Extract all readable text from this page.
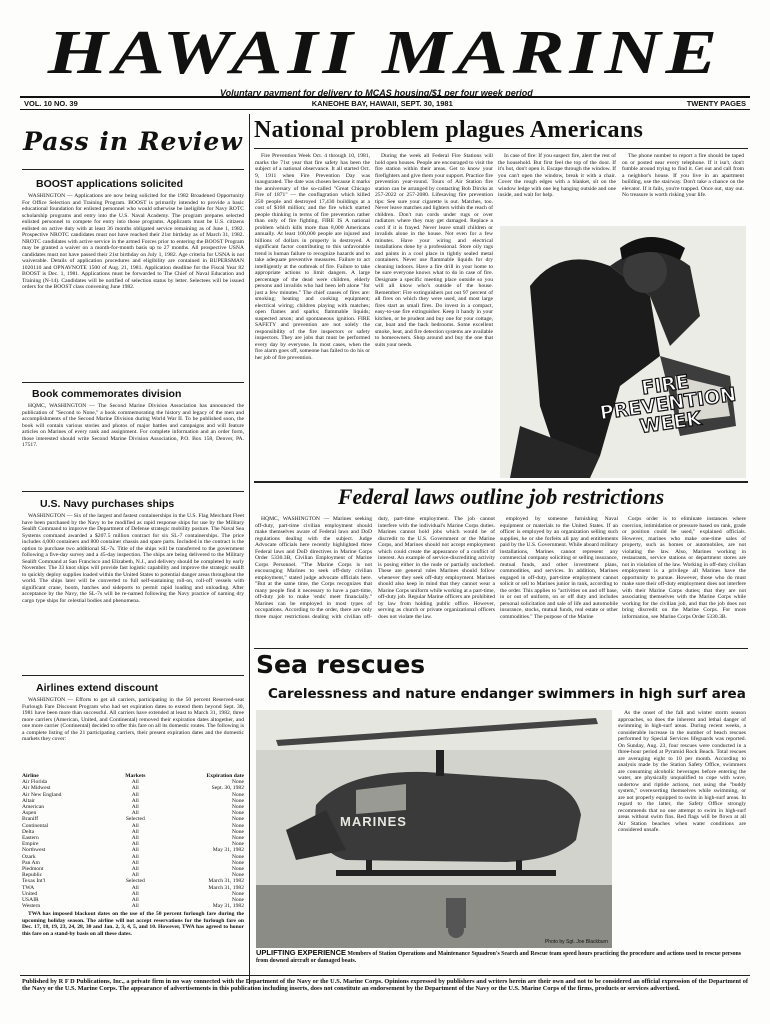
HAWAII MARINE
Voluntary payment for delivery to MCAS housing/$1 per four week period
VOL. 10 NO. 39	KANEOHE BAY, HAWAII, SEPT. 30, 1981	TWENTY PAGES
Pass in Review
BOOST applications solicited

WASHINGTON — Applications are now being solicited for the 1982 Broadened Opportunity For Office Selection and Training Program. BOOST is primarily intended to provide a basic educational foundation for enlisted personnel who would otherwise be ineligible for Navy ROTC scholarship programs and entry into the U.S. Naval Academy. The program prepares selected enlisted personnel to compete for entry into those programs. Applicants must be U.S. citizens enlisted on active duty with at least 36 months obligated service remaining as of June 1, 1982. Prospective NROTC candidates must not have reached their 21st birthday as of March 31, 1982. NROTC candidates with active service in the armed Forces prior to entering the BOOST Program may be granted a waiver on a month-for-month basis up to 27 months. All prospective USNA candidates must not have passed their 21st birthday on July 1, 1982. Age criteria for USNA is not waiverable. Details of application procedures and eligibility are contained in BUPERSMAN 1020110 and OPNAVNOTE 1500 of Aug. 21, 1981. Application deadline for the Fiscal Year 82 BOOST is Dec. 1, 1981. Applications must be forwarded to The Chief of Naval Education and Training (N-14). Candidates will be notified of selection status by letter. Selectees will be issued orders for the BOOST class convening June 1982.

Book commemorates division

HQMC, WASHINGTON — The Second Marine Division Association has announced the publication of "Second to None," a book commemorating the history and legacy of the men and accomplishments of the Second Marine Division during World War II. To be published soon, the book will contain various stories and photos of major battles and campaigns and will feature articles on Marines of every rank and assignment. For complete information and an order form, those interested should write Second Marine Division Association, P.O. Box 158, Denver, PA. 17517.

U.S. Navy purchases ships

WASHINGTON — Six of the largest and fastest containerships in the U.S. Flag Merchant Fleet have been purchased by the Navy to be modified as rapid response ships for use by the Military Sealift Command to improve the Department of Defense strategic mobility posture. The Naval Sea Systems command awarded a $207.5 million contract for six SL-7 containerships. The price includes 4,000 containers and 800 container chassis and spare parts. Included in the contract is the option to purchase two additional SL-7s. Title of the ships will be transferred to the government following a five-day survey and a 45-day inspection. The ships are being delivered to the Military Sealift Command at San Francisco and Elizabeth, N.J., and delivery should be completed by early November. The 33 knot ships will provide fast logistic capability and improve the strategic sealift to quickly deploy supplies loaded within the United States to potential danger areas throughout the world. The ships later will be converted to full self-sustaining roll-on, roll-off vessels with significant crane, boom, hatches and sideports to permit rapid loading and unloading. After acceptance by the Navy, the SL-7s will be re-named following the Navy practice of naming dry cargo type ships for celestial bodies and phenomena.

Airlines extend discount

WASHINGTON — Efforts to get all carriers, participating in the 50 percent Reserved-seat Furlough Fare Discount Program who had set expiration dates to extend them beyond Sept. 30, 1981 have been more than successful. All carriers have extended at least to March 31, 1982, three more carriers (American, United, and Continental) removed their expiration dates altogether, and one more carrier (Continental) decided to offer this fare on all its domestic routes. The following is a complete listing of the 21 participating carriers, their present expiration dates and the domestic markets they cover:

Airline	Markets	Expiration date
Air Florida	All	None
Air Midwest	All	Sept. 30, 1982
Air New England	All	None
Altair	All	None
American	All	None
Aspen	All	None
Braniff	Selected	None
Continental	All	None
Delta	All	None
Eastern	All	None
Empire	All	None
Northwest	All	May 31, 1982
Ozark	All	None
Pan Am	All	None
Piedmont	All	None
Republic	All	None
Texas Int'l	Selected	March 31, 1982
TWA	All	March 31, 1982
United	All	None
USAIR	All	None
Western	All	May 31, 1982

TWA has imposed blackout dates on the use of the 50 percent furlough fare during the upcoming holiday season. The airline will not accept reservations for the furlough fare on Dec. 17, 18, 19, 23, 24, 28, 30 and Jan. 2, 3, 4, 5, and 10. However, TWA has agreed to honor this fare on a stand-by basis on all these dates.

National problem plagues Americans

Fire Prevention Week Oct. 4 through 10, 1981, marks the 71st year that fire safety has been the subject of a national observance. It all started Oct. 9, 1911 when Fire Prevention Day was inaugurated. The date was chosen because it marks the anniversary of the so-called "Great Chicago Fire of 1871" — the conflagration which killed 250 people and destroyed 17,430 buildings at a cost of $168 million; and the fire which started people thinking in terms of fire prevention rather than only of fire fighting. FIRE IS A national problem which kills more than 8,000 Americans annually. At least 100,000 people are injured and billions of dollars in property is destroyed. A significant factor contributing to this unfavorable trend is human failure to recognize hazards and to take adequate preventive measures. Failure to act intelligently at the outbreak of fire. Failure to take appropriate actions to limit dangers. A large percentage of the dead were children, elderly persons and invalids who had been left alone "for just a few minutes." The chief causes of fires are: smoking; heating and cooking equipment; electrical wiring; children playing with matches; open flames and sparks; flammable liquids; suspected arson; and spontaneous ignition. FIRE SAFETY and prevention are not solely the responsibility of the fire inspectors or safety inspectors. They are jobs that must be performed every day by everyone. In most cases, when the fire alarm goes off, someone has failed to do his or her job of fire prevention.

During the week all Federal Fire Stations will hold open houses. People are encouraged to visit the fire station within their areas. Get to know your firefighters and give them your support. Practice fire prevention year-round. Tours of Air Station fire station can be arranged by contacting Bob Dircks at 257-2022 or 257-2080. Lifesaving fire prevention tips: See sure your cigarette is out. Matches, too. Never leave matches and lighters within the reach of children. Don't run cords under rugs or over radiators where they may get damaged. Replace a cord if it is frayed. Never leave small children or invalids alone in the house. Not even for a few minutes. Have your wiring and electrical installations done by a professional. Store oily rags and paints in a cool place in tightly sealed metal containers. Never use flammable liquids for dry cleaning indoors. Have a fire drill in your home to be sure everyone knows what to do in case of fire. Designate a specific meeting place outside so you will all know who's outside of the house. Remember: Fire extinguishers put out 97 percent of all fires on which they were used, and most large fires start as small fires. Do invest in a compact, easy-to-use fire extinguisher. Keep it handy in your kitchen, or be prudent and buy one for your cottage, car, boat and the back bedrooms. Some excellent smoke, heat, and fire detection systems are available to homeowners. Shop around and buy the one that suits your needs.

In case of fire: If you suspect fire, alert the rest of the household. But first feel the top of the door. If it's hot, don't open it. Escape through the window. If you can't open the window, break it with a chair. Cover the rough edges with a blanket, sit on the window ledge with one leg hanging outside and one inside, and wait for help.

The phone number to report a fire should be taped on or posted near every telephone. If it isn't, don't fumble around trying to find it. Get out and call from a neighbor's house. If you live in an apartment building, use the stairway. Don't take a chance on the elevator. If it fails, you're trapped. Once out, stay out. No treasure is worth risking your life.

FIRE PREVENTION WEEK
Federal laws outline job restrictions

HQMC, WASHINGTON — Marines seeking off-duty, part-time civilian employment should make themselves aware of Federal laws and DoD regulations dealing with the subject. Judge Advocate officials here recently highlighted three Federal laws and DoD directives in Marine Corps Order 5330.3B, Civilian Employment of Marine Corps Personnel. "The Marine Corps is not encouraging Marines to seek off-duty civilian employment," stated judge advocate officials here. "But at the same time, the Corps recognizes that many people find it necessary to have a part-time, off-duty job to make 'ends' meet financially." Marines can be employed in most types of occupations. According to the order, there are only three major restrictions dealing with civilian off-duty, part-time employment. The job cannot interfere with the individual's Marine Corps duties. Marines cannot hold jobs which would be of discredit to the U.S. Government or the Marine Corps, and Marines should not accept employment which could create the appearance of a conflict of interest. An example of service-discrediting activity is posing either in the nude or partially unclothed. These are general rules Marines should follow whenever they seek off-duty employment. Marines should also keep in mind that they cannot wear a Marine Corps uniform while working at a part-time, off-duty job. Regular Marine officers are prohibited by law from holding public office. However, serving as church or private organizational officers does not violate the law.

employed by someone furnishing Naval equipment or materials to the United States. If an officer is employed by an organization selling such supplies, he or she forfeits all pay and entitlements paid by the U.S. Government. While aboard military installations, Marines cannot represent any commercial company soliciting or selling insurance, mutual funds, and other investment plans, commodities, and services. In addition, Marines engaged in off-duty, part-time employment cannot solicit or sell to Marines junior in rank, according to the order. This applies to "activities on and off base, in or out of uniform, on or off duty and includes personal solicitation and sale of life and automobile insurance, stocks, mutual funds, real estate or other commodities." The purpose of the Marine

Corps order is to eliminate instances where coercion, intimidation or pressure based on rank, grade or position could be used," explained officials. However, marines who make one-time sales of property, such as homes or automobiles, are not violating the law. Also, Marines working in restaurants, service stations or department stores are not in violation of the law. Working in off-duty civilian employment is a privilege all Marines have the opportunity to pursue. However, those who do must make sure their off-duty employment does not interfere with their Marine Corps duties; that they are not associating themselves with the Marine Corps while working for the civilian job, and that the job does not bring discredit on the Marine Corps. For more information, see Marine Corps Order 5330.3B.

Sea rescues
Carelessness and nature endanger swimmers in high surf area
MARINES
Photo by Sgt. Joe Blackburn

As the onset of the fall and winter storm season approaches, so does the inherent and lethal danger of swimming in high-surf areas. During recent weeks, a considerable increase in the number of beach rescues performed by Special Services lifeguards was reported. On Sunday, Aug. 23, four rescues were conducted in a three-hour period at Pyramid Rock Beach. Total rescues are averaging eight to 10 per month. According to analysis made by the Station Safety Office, swimmers are consuming alcoholic beverages before entering the water, are physically unqualified to cope with wave, undertow and riptide actions, not using the "buddy system," overexerting themselves while swimming, or are not properly equipped to swim in high-surf areas. In regard to the latter, the Safety Office strongly recommends that no one attempt to swim in high-surf areas without swim fins. Red flags will be flown at all Air Station beaches when water conditions are considered unsafe.

UPLIFTING EXPERIENCE Members of Station Operations and Maintenance Squadron's Search and Rescue team speed hours practicing the procedure and actions used to rescue persons from downed aircraft or damaged boats.
Published by R F D Publications, Inc., a private firm in no way connected with the Department of the Navy or the U.S. Marine Corps. Opinions expressed by publishers and writers herein are their own and not to be considered an official expression of the Department of the Navy or the U.S. Marine Corps. The appearance of advertisements in this publication including inserts, does not constitute an endorsement by the Department of the Navy or the U.S. Marine Corps of the firms, products or services advertised.
